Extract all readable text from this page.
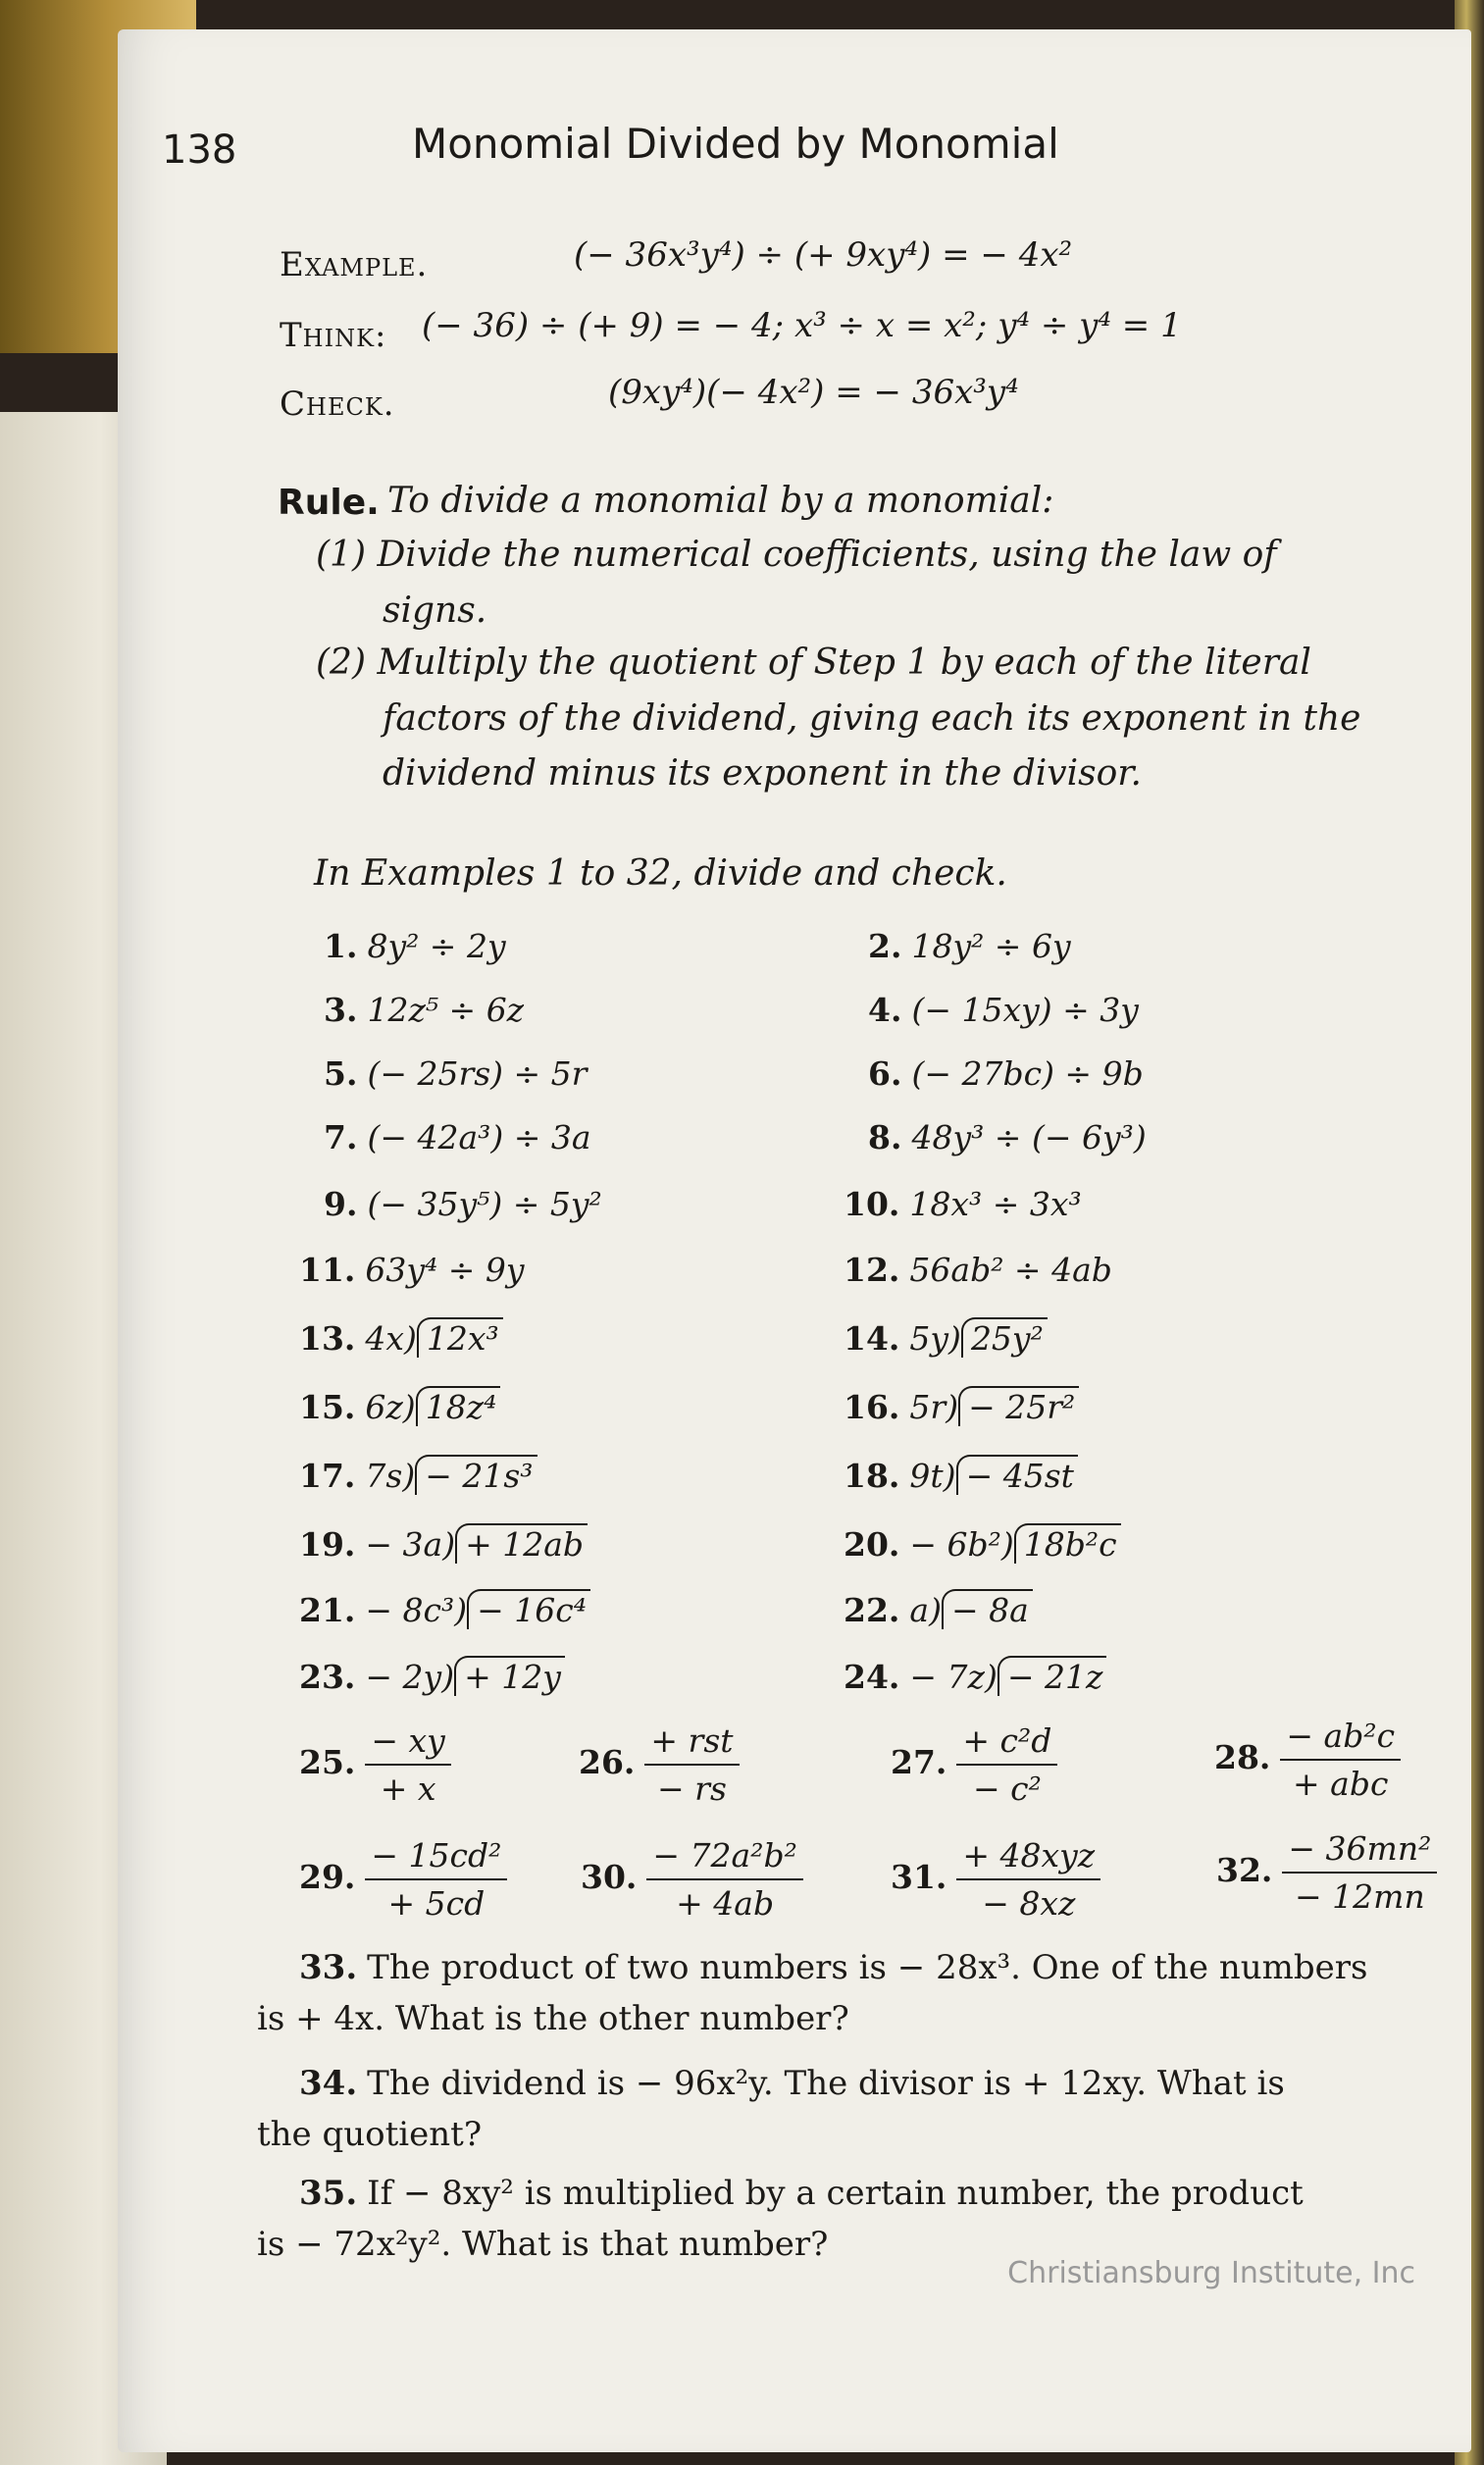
138	Monomial Divided by Monomial
Example.	(− 36x³y⁴) ÷ (+ 9xy⁴) = − 4x²
Think: (− 36) ÷ (+ 9) = − 4; x³ ÷ x = x²; y⁴ ÷ y⁴ = 1
Check.	(9xy⁴)(− 4x²) = − 36x³y⁴
Rule. To divide a monomial by a monomial:
(1) Divide the numerical coefficients, using the law of
signs.
(2) Multiply the quotient of Step 1 by each of the literal
factors of the dividend, giving each its exponent in the
dividend minus its exponent in the divisor.
In Examples 1 to 32, divide and check.
1. 8y² ÷ 2y	2. 18y² ÷ 6y
3. 12z⁵ ÷ 6z	4. (− 15xy) ÷ 3y
5. (− 25rs) ÷ 5r	6. (− 27bc) ÷ 9b
7. (− 42a³) ÷ 3a	8. 48y³ ÷ (− 6y³)
9. (− 35y⁵) ÷ 5y²	10. 18x³ ÷ 3x³
11. 63y⁴ ÷ 9y	12. 56ab² ÷ 4ab
13. 4x) 12x³	14. 5y) 25y²
15. 6z) 18z⁴	16. 5r) − 25r²
17. 7s) − 21s³	18. 9t) − 45st
19. − 3a) + 12ab	20. − 6b²) 18b²c
21. − 8c³) − 16c⁴	22. a) − 8a
23. − 2y) + 12y	24. − 7z) − 21z
25. $\frac{- xy}{+ x}$	26. $\frac{\text{+ rst}}{- rs}$	27. $\frac{\text{+ c²d}}{\text{− c²}}$	28. $\frac{\text{− ab²c}}{\text{+ abc}}$
29. $\frac{\text{− 15cd²}}{+ 5cd} 30$. $\frac{\text{− 72a²b²}}{+ 4ab}$	31. $\frac{\text{+ 48xyz}}{- 8xz}$	32. $\frac{\text{− 36mn²}}{- 12mn}$
33. The product of two numbers is − 28x³. One of the numbers
is + 4x. What is the other number?
34. The dividend is − 96x²y. The divisor is + 12xy. What is
the quotient?
35. If − 8xy² is multiplied by a certain number, the product
is − 72x²y². What is that number?
Christiansburg Institute, Inc
